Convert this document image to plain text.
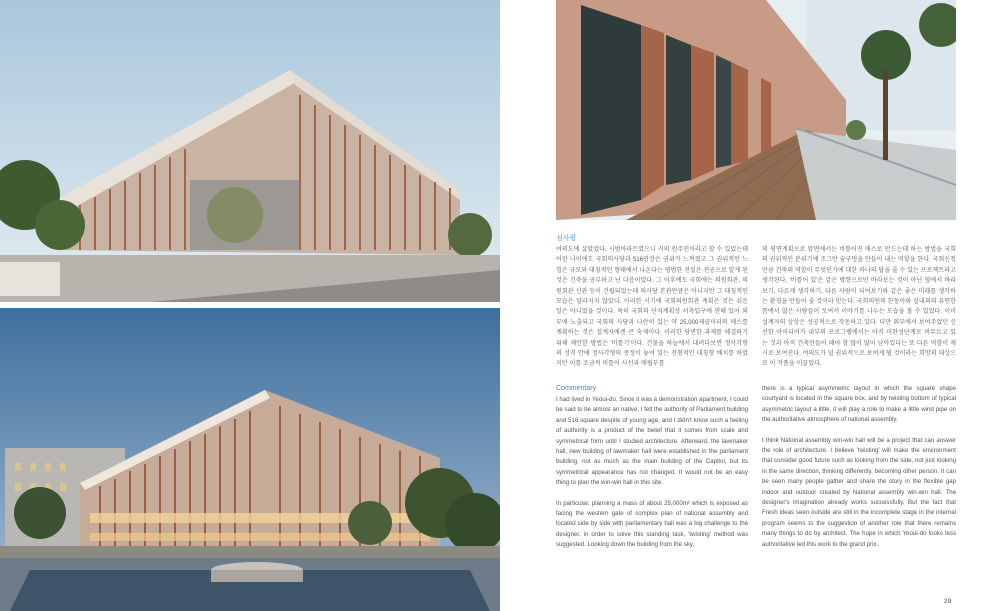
심사평

여의도에 살았었다. 시범아파트였으니 거의 원주민이라고 할 수 있었는데 어린 나이에도 국회의사당과 516광장은 권위가 느껴졌고 그 권위적인 느낌은 규모와 대칭적인 형태에서 나온다는 평범한 진실은 전공으로 알게 된 것은 건축을 공부하고 난 다음이었다. 그 이후에도 국회에는 의원회관, 의원회관 신관 등이 건립되었는데 의사당 본관만큼은 아니지만 그 대칭적인 모습은 달라지지 않았다. 이러한 시기에 국회의원회관 계획은 것은 쉬운 일은 아니었을 것이다. 특히 국회의 단지계획상 서측입구에 면해 있어 외부에 노출되고 국회의 사당과 나란히 있는 약 25,000제곱미터의 매스를 계획하는 것은 설계자에겐 큰 숙제이다. 이러한 당면한 과제를 해결하기 위해 제안한 방법은 '비틀기'이다. 건물을 하늘에서 내려다보면 정사각형의 성격 안에 정사각형의 중정이 놓여 있는 전형적인 대칭형 배치를 하였지만 이를 조금씩 비틀어 사선과 매립부를

의 평면계획으로 앞면에서는 비틀어진 매스로 만드는데 하는 방법을 국회의 권위적인 분위기에 조그만 숨구멍을 만들어 내는 역할을 한다. 국회신청만큼 건축의 역할이 무엇인가에 대한 하나의 답을 줄 수 있는 프로젝트라고 생각된다. '비틀어 있'은 같은 방향으로만 바라보는 것이 아닌 옆에서 바라보기, 다르게 생각하기, 다른 사람이 되어보기와 같은 좋은 미래를 생각하는 환경을 만들어 줄 것이라 믿는다. 국회의원의 한동아와 실내외의 유연한 틈에서 많은 사람들이 모여서 이야기를 나누는 모습을 볼 수 있었다. 이미 설계자의 상상은 성공적으로 작동하고 있다. 다만 외부에서 보여주었던 신선한 아이디어가 내부의 프로그램에서는 아직 미완성단계로 머무르고 있는 것과 아직 건축만들어 해야 할 많이 많이 남아있다는 또 다른 역할이 제시로 보여진다. 여의도가 덜 권위적으로 보여게 될 것이라는 희망의 대상으로 이 작품을 이끌었다.

Commentary

I had lived in Yeoui-do. Since it was a demonstration apartment, I could be said to be almost an native, I felt the authority of Parliament building and 516 square despite of young age, and I didn't know such a feeling of authority is a product of the belief that it comes from scale and symmetrical form until I studied architecture. Afterward, the lawmaker hall, new building of lawmaker hall were established in the parliament building, not as much as the main building of the Capitol, but its symmetrical appearance has not changed. It would not be an easy thing to plan the win-win hall in this site.

In particular, planning a mass of about 25,000m² which is exposed as facing the western gate of complex plan of national assembly and located side by side with parliamentary hall was a big challenge to the designer. in order to solve this standing task, 'twisting' method was suggested. Looking down the building from the sky,

there is a typical asymmetric layout in which the square shape courtyard is located in the square box, and by twisting bottom of typical asymmetric layout a little, it will play a role to make a little wind pipe on the authoritative atmosphere of national assembly.

I think National assembly win-win hall will be a project that can answer the role of architecture. I believe 'twisting' will make the environment that consider good future such as looking from the side, not just looking in the same direction, thinking differently, becoming other person. It can be seen many people gather and share the story in the flexible gap indoor and outdoor created by National assembly win-win hall. The designer's imagination already works successfully. But the fact that Fresh ideas seen outside are still in the incomplete stage in the internal program seems to the suggestion of another role that there remains many things to do by architect. The hope in which Yeoui-do looks less authoritative led this work to the grand prix.

29
